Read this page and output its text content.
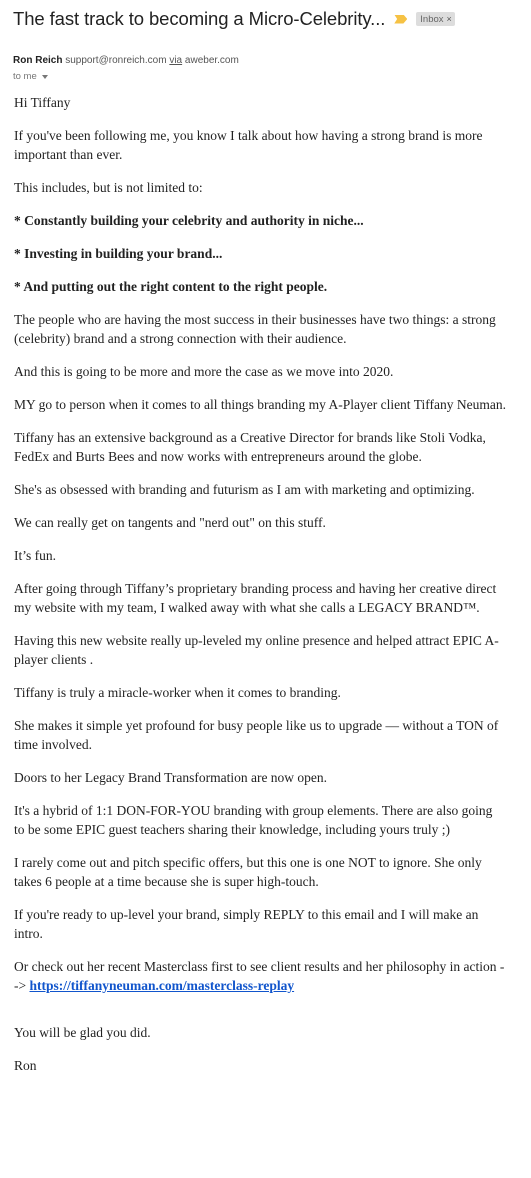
The fast track to becoming a Micro-Celebrity...	Inbox ×
Ron Reich support@ronreich.com via aweber.com
to me

Hi Tiffany

If you've been following me, you know I talk about how having a strong brand is more important than ever.

This includes, but is not limited to:

* Constantly building your celebrity and authority in niche...

* Investing in building your brand...

* And putting out the right content to the right people.

The people who are having the most success in their businesses have two things: a strong (celebrity) brand and a strong connection with their audience.

And this is going to be more and more the case as we move into 2020.

MY go to person when it comes to all things branding my A-Player client Tiffany Neuman.

Tiffany has an extensive background as a Creative Director for brands like Stoli Vodka, FedEx and Burts Bees and now works with entrepreneurs around the globe.

She's as obsessed with branding and futurism as I am with marketing and optimizing.

We can really get on tangents and "nerd out" on this stuff.

It’s fun.

After going through Tiffany’s proprietary branding process and having her creative direct my website with my team, I walked away with what she calls a LEGACY BRAND™.

Having this new website really up-leveled my online presence and helped attract EPIC A-player clients .

Tiffany is truly a miracle-worker when it comes to branding.

She makes it simple yet profound for busy people like us to upgrade — without a TON of time involved.

Doors to her Legacy Brand Transformation are now open.

It's a hybrid of 1:1 DON-FOR-YOU branding with group elements. There are also going to be some EPIC guest teachers sharing their knowledge, including yours truly ;)

I rarely come out and pitch specific offers, but this one is one NOT to ignore. She only takes 6 people at a time because she is super high-touch.

If you're ready to up-level your brand, simply REPLY to this email and I will make an intro.

Or check out her recent Masterclass first to see client results and her philosophy in action --> https://tiffanyneuman.com/masterclass-replay

You will be glad you did.

Ron
